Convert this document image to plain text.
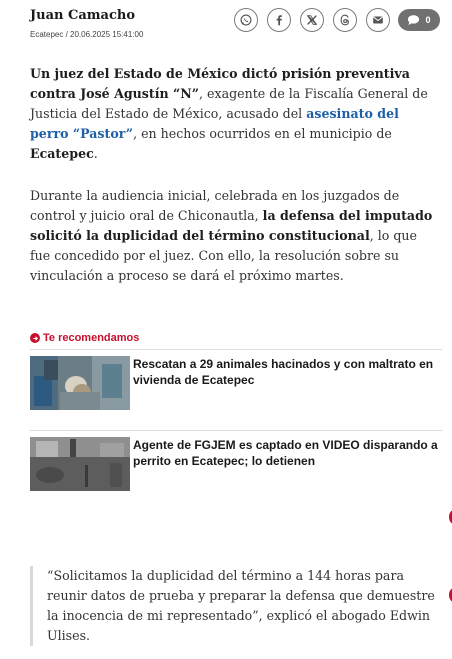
Juan Camacho
Ecatepec / 20.06.2025 15:41:00
0

Un juez del Estado de México dictó prisión preventiva contra José Agustín “N”, exagente de la Fiscalía General de Justicia del Estado de México, acusado del asesinato del perro “Pastor”, en hechos ocurridos en el municipio de Ecatepec.

Durante la audiencia inicial, celebrada en los juzgados de control y juicio oral de Chiconautla, la defensa del imputado solicitó la duplicidad del término constitucional, lo que fue concedido por el juez. Con ello, la resolución sobre su vinculación a proceso se dará el próximo martes.

Te recomendamos
Rescatan a 29 animales hacinados y con maltrato en vivienda de Ecatepec
Agente de FGJEM es captado en VIDEO disparando a perrito en Ecatepec; lo detienen
“Solicitamos la duplicidad del término a 144 horas para reunir datos de prueba y preparar la defensa que demuestre la inocencia de mi representado”, explicó el abogado Edwin Ulises.
